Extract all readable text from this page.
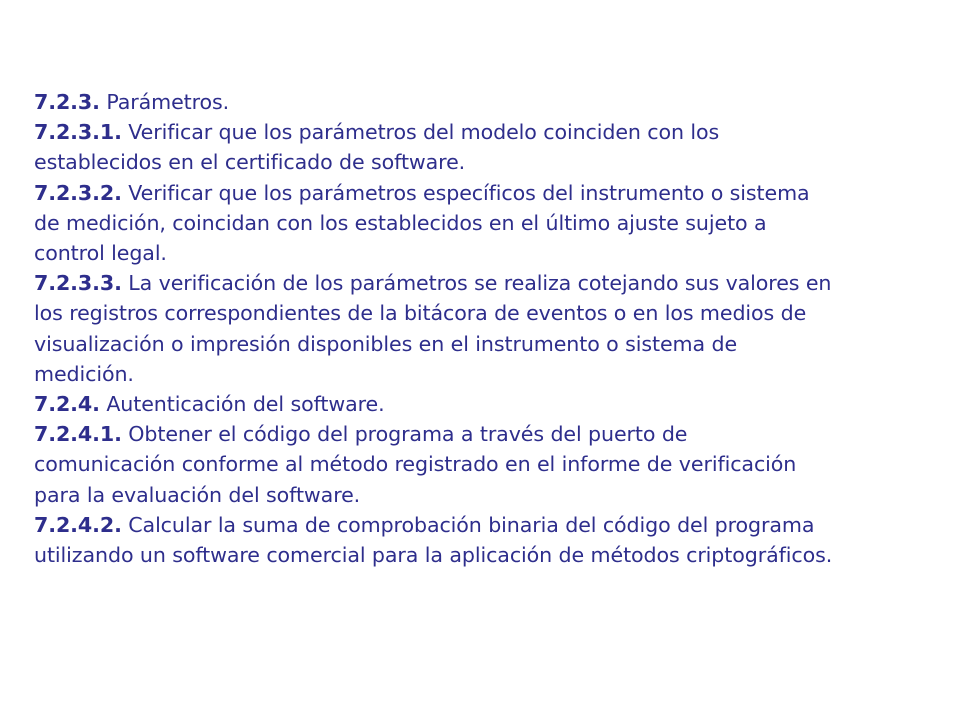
7.2.3. Parámetros.

7.2.3.1. Verificar que los parámetros del modelo coinciden con los
establecidos en el certificado de software.

7.2.3.2. Verificar que los parámetros específicos del instrumento o sistema
de medición, coincidan con los establecidos en el último ajuste sujeto a
control legal.

7.2.3.3. La verificación de los parámetros se realiza cotejando sus valores en
los registros correspondientes de la bitácora de eventos o en los medios de
visualización o impresión disponibles en el instrumento o sistema de
medición.

7.2.4. Autenticación del software.

7.2.4.1. Obtener el código del programa a través del puerto de
comunicación conforme al método registrado en el informe de verificación
para la evaluación del software.

7.2.4.2. Calcular la suma de comprobación binaria del código del programa
utilizando un software comercial para la aplicación de métodos criptográficos.
